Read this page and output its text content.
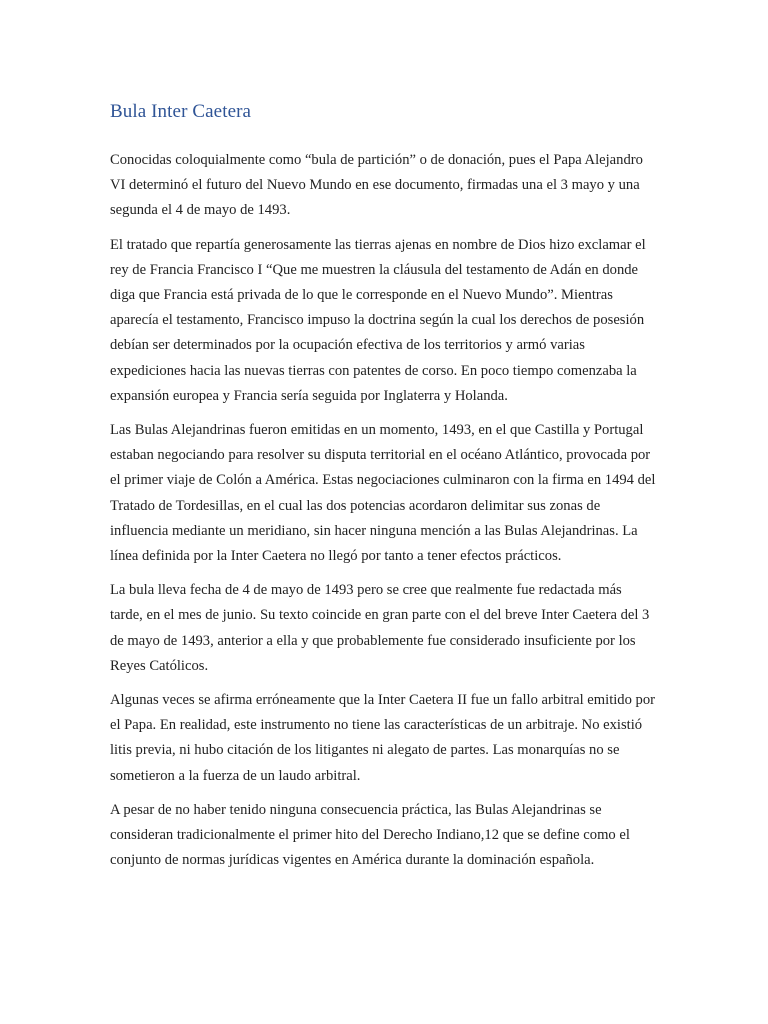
Bula Inter Caetera

Conocidas coloquialmente como “bula de partición” o de donación, pues el Papa Alejandro VI determinó el futuro del Nuevo Mundo en ese documento, firmadas una el 3 mayo y una segunda el 4 de mayo de 1493.

El tratado que repartía generosamente las tierras ajenas en nombre de Dios hizo exclamar el rey de Francia Francisco I “Que me muestren la cláusula del testamento de Adán en donde diga que Francia está privada de lo que le corresponde en el Nuevo Mundo”. Mientras aparecía el testamento, Francisco impuso la doctrina según la cual los derechos de posesión debían ser determinados por la ocupación efectiva de los territorios y armó varias expediciones hacia las nuevas tierras con patentes de corso. En poco tiempo comenzaba la expansión europea y Francia sería seguida por Inglaterra y Holanda.

Las Bulas Alejandrinas fueron emitidas en un momento, 1493, en el que Castilla y Portugal estaban negociando para resolver su disputa territorial en el océano Atlántico, provocada por el primer viaje de Colón a América. Estas negociaciones culminaron con la firma en 1494 del Tratado de Tordesillas, en el cual las dos potencias acordaron delimitar sus zonas de influencia mediante un meridiano, sin hacer ninguna mención a las Bulas Alejandrinas. La línea definida por la Inter Caetera no llegó por tanto a tener efectos prácticos.

La bula lleva fecha de 4 de mayo de 1493 pero se cree que realmente fue redactada más tarde, en el mes de junio. Su texto coincide en gran parte con el del breve Inter Caetera del 3 de mayo de 1493, anterior a ella y que probablemente fue considerado insuficiente por los Reyes Católicos.

Algunas veces se afirma erróneamente que la Inter Caetera II fue un fallo arbitral emitido por el Papa. En realidad, este instrumento no tiene las características de un arbitraje. No existió litis previa, ni hubo citación de los litigantes ni alegato de partes. Las monarquías no se sometieron a la fuerza de un laudo arbitral.

A pesar de no haber tenido ninguna consecuencia práctica, las Bulas Alejandrinas se consideran tradicionalmente el primer hito del Derecho Indiano,12 que se define como el conjunto de normas jurídicas vigentes en América durante la dominación española.
